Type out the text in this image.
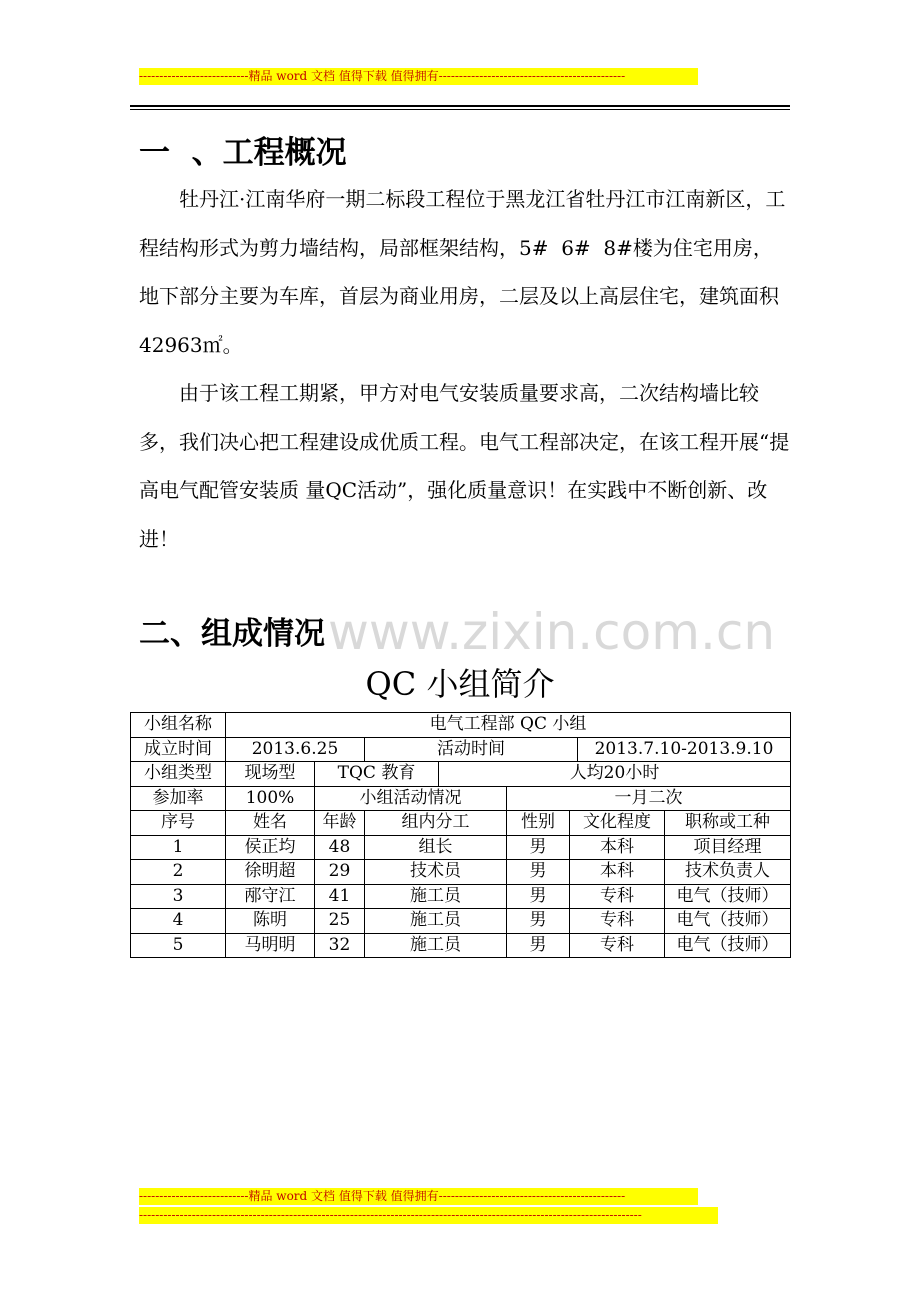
---------------------------精品 word 文档 值得下载 值得拥有----------------------------------------------
一  、工程概况

牡丹江·江南华府一期二标段工程位于黑龙江省牡丹江市江南新区，工程结构形式为剪力墙结构，局部框架结构，5#  6#  8#楼为住宅用房，地下部分主要为车库，首层为商业用房，二层及以上高层住宅，建筑面积 42963㎡。

由于该工程工期紧，甲方对电气安装质量要求高，二次结构墙比较多，我们决心把工程建设成优质工程。电气工程部决定，在该工程开展“提高电气配管安装质 量QC活动”，强化质量意识！在实践中不断创新、改进！

www.zixin.com.cn
二、组成情况
QC 小组简介
小组名称	电气工程部 QC 小组							
成立时间	2013.6.25		活动时间				2013.7.10-2013.9.10	
小组类型	现场型	TQC 教育		人均20小时				
参加率	100%	小组活动情况			一月二次			
序号	姓名	年龄	组内分工		性别	文化程度		职称或工种
1	侯正均	48	组长		男	本科		项目经理
2	徐明超	29	技术员		男	本科		技术负责人
3	邴守江	41	施工员		男	专科		电气（技师）
4	陈明	25	施工员		男	专科		电气（技师）
5	马明明	32	施工员		男	专科		电气（技师）
---------------------------精品 word 文档 值得下载 值得拥有----------------------------------------------
----------------------------------------------------------------------------------------------------------------------------
